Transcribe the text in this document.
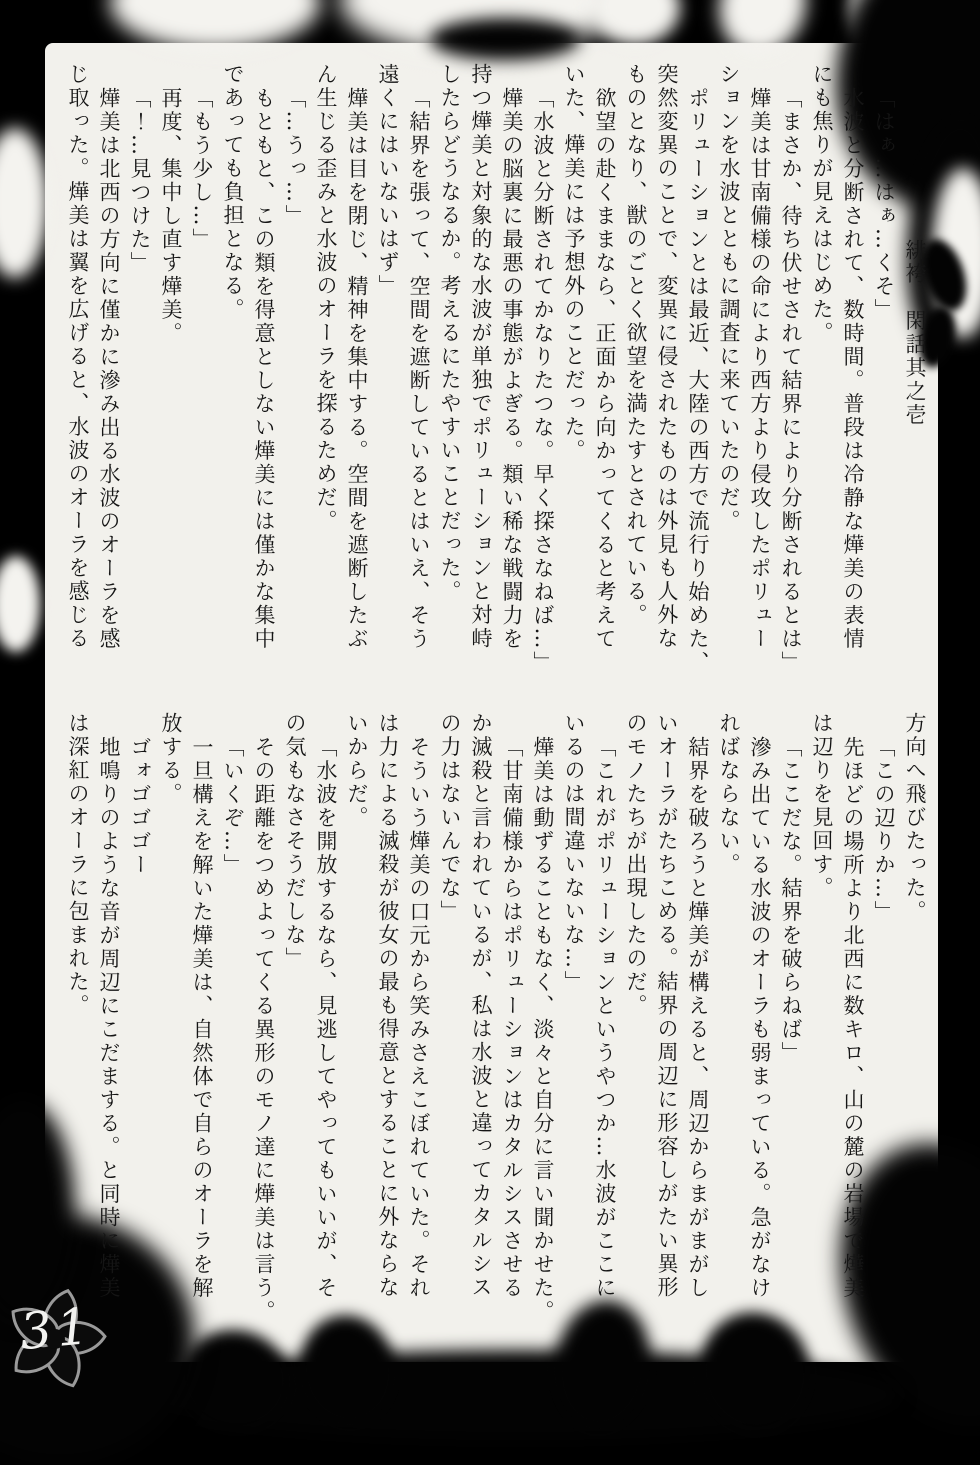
緋袴　閑話其之壱

「はぁ…はぁ…くそ」

水波と分断されて、数時間。普段は冷静な燁美の表情

にも焦りが見えはじめた。

「まさか、待ち伏せされて結界により分断されるとは」

燁美は甘南備様の命により西方より侵攻したポリュー

ションを水波とともに調査に来ていたのだ。

ポリューションとは最近、大陸の西方で流行り始めた、

突然変異のことで、変異に侵されたものは外見も人外な

ものとなり、獣のごとく欲望を満たすとされている。

欲望の赴くままなら、正面から向かってくると考えて

いた、燁美には予想外のことだった。

「水波と分断されてかなりたつな。早く探さなねば…」

燁美の脳裏に最悪の事態がよぎる。類い稀な戦闘力を

持つ燁美と対象的な水波が単独でポリューションと対峙

したらどうなるか。考えるにたやすいことだった。

「結界を張って、空間を遮断しているとはいえ、そう

遠くにはいないはず」

燁美は目を閉じ、精神を集中する。空間を遮断したぶ

ん生じる歪みと水波のオーラを探るためだ。

「…うっ…」

もともと、この類を得意としない燁美には僅かな集中

であっても負担となる。

「もう少し…」

再度、集中し直す燁美。

「！…見つけた」

燁美は北西の方向に僅かに滲み出る水波のオーラを感

じ取った。燁美は翼を広げると、水波のオーラを感じる

方向へ飛びたった。

「この辺りか…」

先ほどの場所より北西に数キロ、山の麓の岩場で燁美

は辺りを見回す。

「ここだな。結界を破らねば」

滲み出ている水波のオーラも弱まっている。急がなけ

ればならない。

結界を破ろうと燁美が構えると、周辺からまがまがし

いオーラがたちこめる。結界の周辺に形容しがたい異形

のモノたちが出現したのだ。

「これがポリューションというやつか…水波がここに

いるのは間違いないな…」

燁美は動ずることもなく、淡々と自分に言い聞かせた。

「甘南備様からはポリューションはカタルシスさせる

か滅殺と言われているが、私は水波と違ってカタルシス

の力はないんでな」

そういう燁美の口元から笑みさえこぼれていた。それ

は力による滅殺が彼女の最も得意とすることに外ならな

いからだ。

「水波を開放するなら、見逃してやってもいいが、そ

の気もなさそうだしな」

その距離をつめよってくる異形のモノ達に燁美は言う。

「いくぞ…」

一旦構えを解いた燁美は、自然体で自らのオーラを解

放する。

ゴォゴゴゴー

地鳴りのような音が周辺にこだまする。と同時に燁美

は深紅のオーラに包まれた。

31
